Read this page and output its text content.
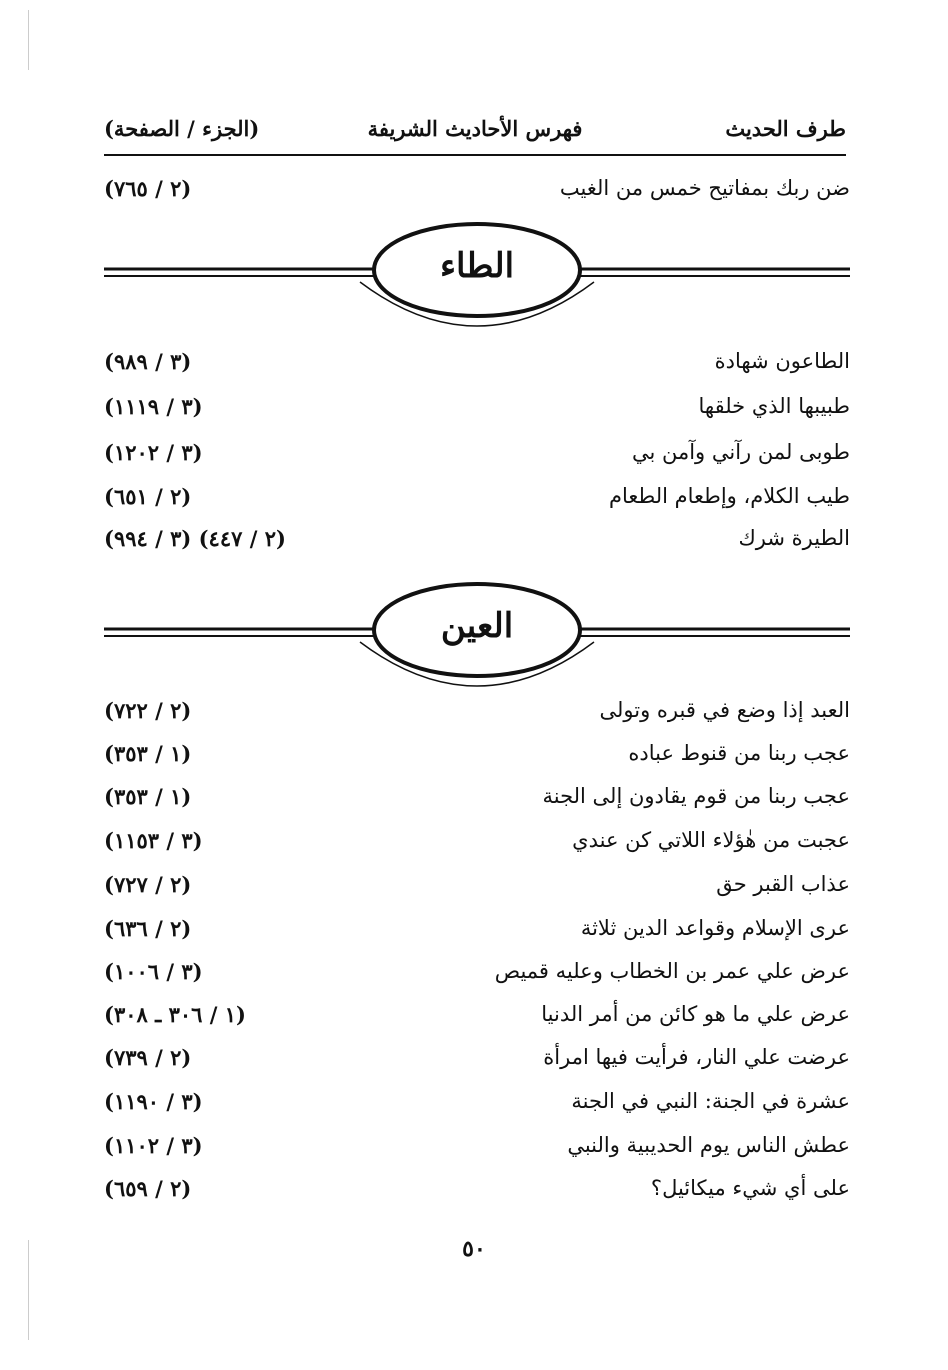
طرف الحديث
فهرس الأحاديث الشريفة
(الجزء / الصفحة)
ضن ربك بمفاتيح خمس من الغيب
(٢ / ٧٦٥)
الطاء
الطاعون شهادة
(٣ / ٩٨٩)
طبيبها الذي خلقها
(٣ / ١١١٩)
طوبى لمن رآني وآمن بي
(٣ / ١٢٠٢)
طيب الكلام، وإطعام الطعام
(٢ / ٦٥١)
الطيرة شرك
(٢ / ٤٤٧) (٣ / ٩٩٤)
العين
العبد إذا وضع في قبره وتولى
(٢ / ٧٢٢)
عجب ربنا من قنوط عباده
(١ / ٣٥٣)
عجب ربنا من قوم يقادون إلى الجنة
(١ / ٣٥٣)
عجبت من هٰؤلاء اللاتي كن عندي
(٣ / ١١٥٣)
عذاب القبر حق
(٢ / ٧٢٧)
عرى الإسلام وقواعد الدين ثلاثة
(٢ / ٦٣٦)
عرض علي عمر بن الخطاب وعليه قميص
(٣ / ١٠٠٦)
عرض علي ما هو كائن من أمر الدنيا
(١ / ٣٠٦ ـ ٣٠٨)
عرضت علي النار، فرأيت فيها امرأة
(٢ / ٧٣٩)
عشرة في الجنة: النبي في الجنة
(٣ / ١١٩٠)
عطش الناس يوم الحديبية والنبي
(٣ / ١١٠٢)
على أي شيء ميكائيل؟
(٢ / ٦٥٩)
٥٠
